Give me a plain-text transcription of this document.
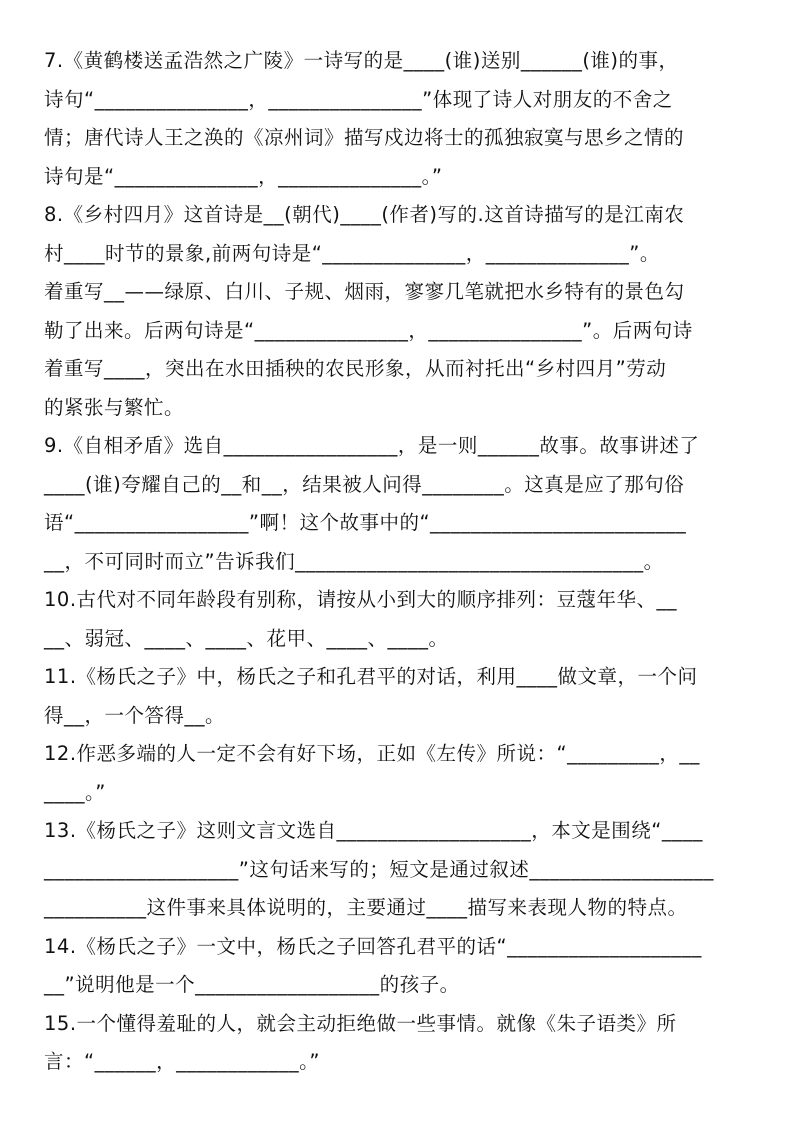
7.《黄鹤楼送孟浩然之广陵》一诗写的是____(谁)送别______(谁)的事，
诗句“_______________，_______________”体现了诗人对朋友的不舍之
情；唐代诗人王之涣的《凉州词》描写戍边将士的孤独寂寞与思乡之情的
诗句是“______________，______________。”
8.《乡村四月》这首诗是__(朝代)____(作者)写的.这首诗描写的是江南农
村____时节的景象,前两句诗是“______________，______________”。
着重写__——绿原、白川、子规、烟雨，寥寥几笔就把水乡特有的景色勾
勒了出来。后两句诗是“_______________，_______________”。后两句诗
着重写____，突出在水田插秧的农民形象，从而衬托出“乡村四月”劳动
的紧张与繁忙。
9.《自相矛盾》选自_________________，是一则______故事。故事讲述了
____(谁)夸耀自己的__和__，结果被人问得________。这真是应了那句俗
语“_________________”啊！这个故事中的“_________________________
__，不可同时而立”告诉我们__________________________________。
10.古代对不同年龄段有别称，请按从小到大的顺序排列：豆蔻年华、__
__、弱冠、____、____、花甲、____、____。
11.《杨氏之子》中，杨氏之子和孔君平的对话，利用____做文章，一个问
得__，一个答得__。
12.作恶多端的人一定不会有好下场，正如《左传》所说：“_________，__
____。”
13.《杨氏之子》这则文言文选自___________________，本文是围绕“____
___________________”这句话来写的；短文是通过叙述__________________
__________这件事来具体说明的，主要通过____描写来表现人物的特点。
14.《杨氏之子》一文中，杨氏之子回答孔君平的话“___________________
__”说明他是一个__________________的孩子。
15.一个懂得羞耻的人，就会主动拒绝做一些事情。就像《朱子语类》所
言：“______，____________。”
